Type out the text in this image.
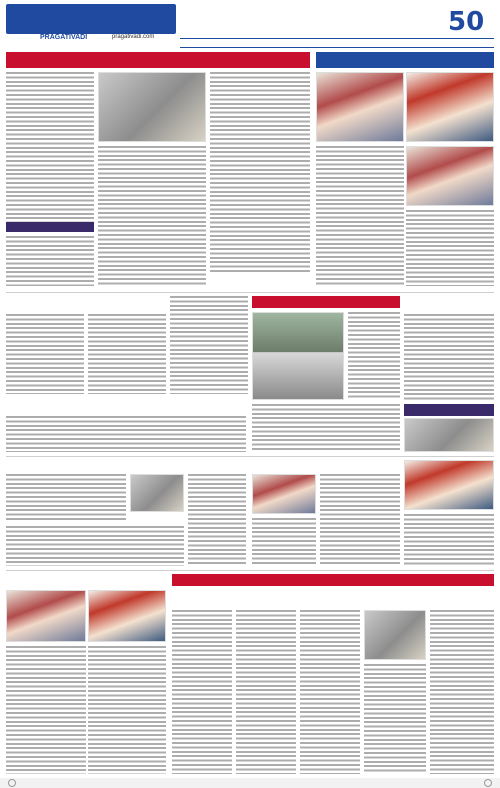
PRAGATIVADI	pragativadi.com	50
